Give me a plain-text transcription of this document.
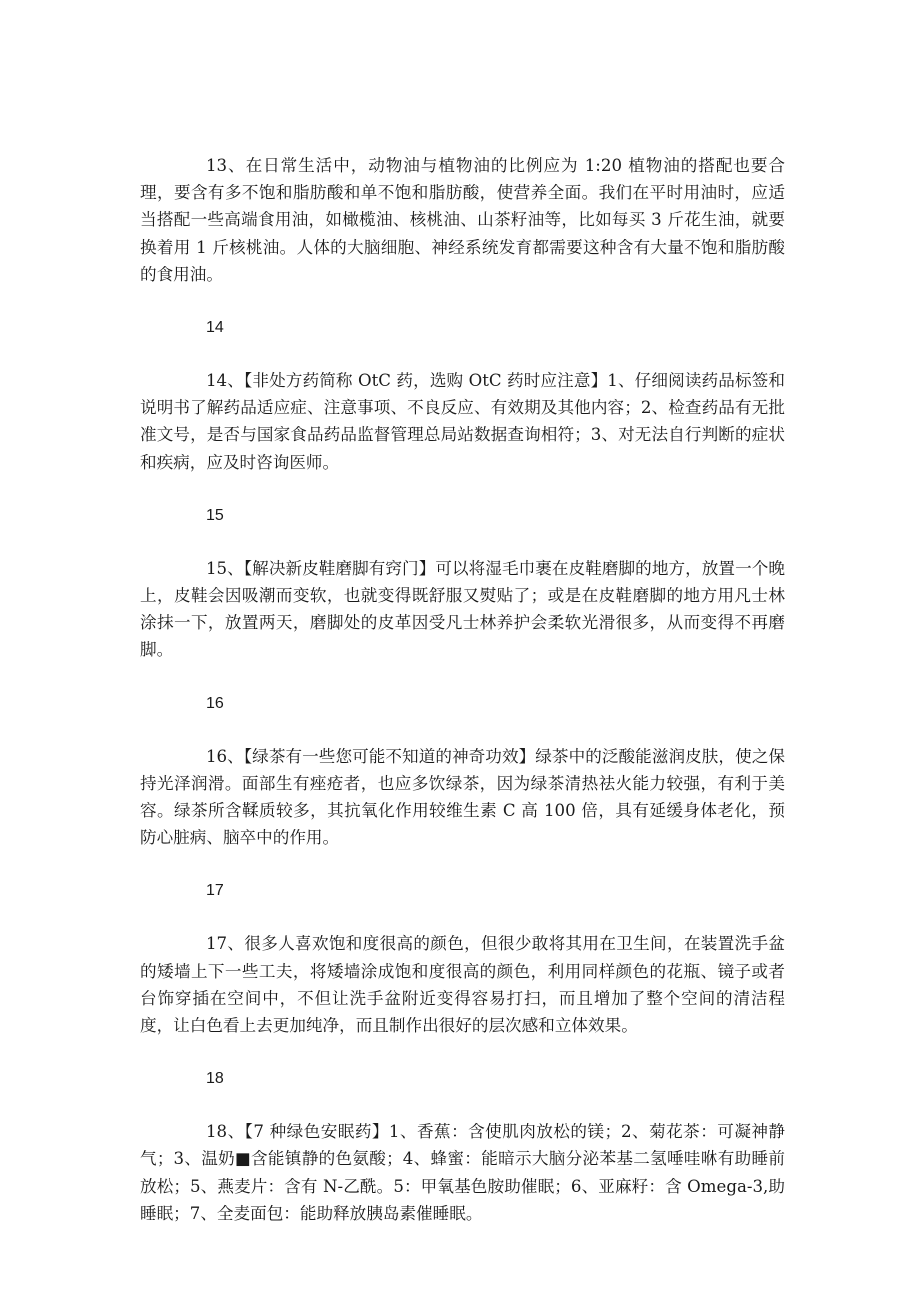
13、在日常生活中，动物油与植物油的比例应为 1:20 植物油的搭配也要合理，要含有多不饱和脂肪酸和单不饱和脂肪酸，使营养全面。我们在平时用油时，应适当搭配一些高端食用油，如橄榄油、核桃油、山茶籽油等，比如每买 3 斤花生油，就要换着用 1 斤核桃油。人体的大脑细胞、神经系统发育都需要这种含有大量不饱和脂肪酸的食用油。

14

14、【非处方药简称 OtC 药，选购 OtC 药时应注意】1、仔细阅读药品标签和说明书了解药品适应症、注意事项、不良反应、有效期及其他内容；2、检查药品有无批准文号，是否与国家食品药品监督管理总局站数据查询相符；3、对无法自行判断的症状和疾病，应及时咨询医师。

15

15、【解决新皮鞋磨脚有窍门】可以将湿毛巾裹在皮鞋磨脚的地方，放置一个晚上，皮鞋会因吸潮而变软，也就变得既舒服又熨贴了；或是在皮鞋磨脚的地方用凡士林涂抹一下，放置两天，磨脚处的皮革因受凡士林养护会柔软光滑很多，从而变得不再磨脚。

16

16、【绿茶有一些您可能不知道的神奇功效】绿茶中的泛酸能滋润皮肤，使之保持光泽润滑。面部生有痤疮者，也应多饮绿茶，因为绿茶清热祛火能力较强，有利于美容。绿茶所含鞣质较多，其抗氧化作用较维生素 C 高 100 倍，具有延缓身体老化，预防心脏病、脑卒中的作用。

17

17、很多人喜欢饱和度很高的颜色，但很少敢将其用在卫生间，在装置洗手盆的矮墙上下一些工夫，将矮墙涂成饱和度很高的颜色，利用同样颜色的花瓶、镜子或者台饰穿插在空间中，不但让洗手盆附近变得容易打扫，而且增加了整个空间的清洁程度，让白色看上去更加纯净，而且制作出很好的层次感和立体效果。

18

18、【7 种绿色安眠药】1、香蕉：含使肌肉放松的镁；2、菊花茶：可凝神静气；3、温奶■含能镇静的色氨酸；4、蜂蜜：能暗示大脑分泌苯基二氢唾哇咻有助睡前放松；5、燕麦片：含有 N-乙酰。5：甲氧基色胺助催眠；6、亚麻籽：含 Omega-3,助睡眠；7、全麦面包：能助释放胰岛素催睡眠。
